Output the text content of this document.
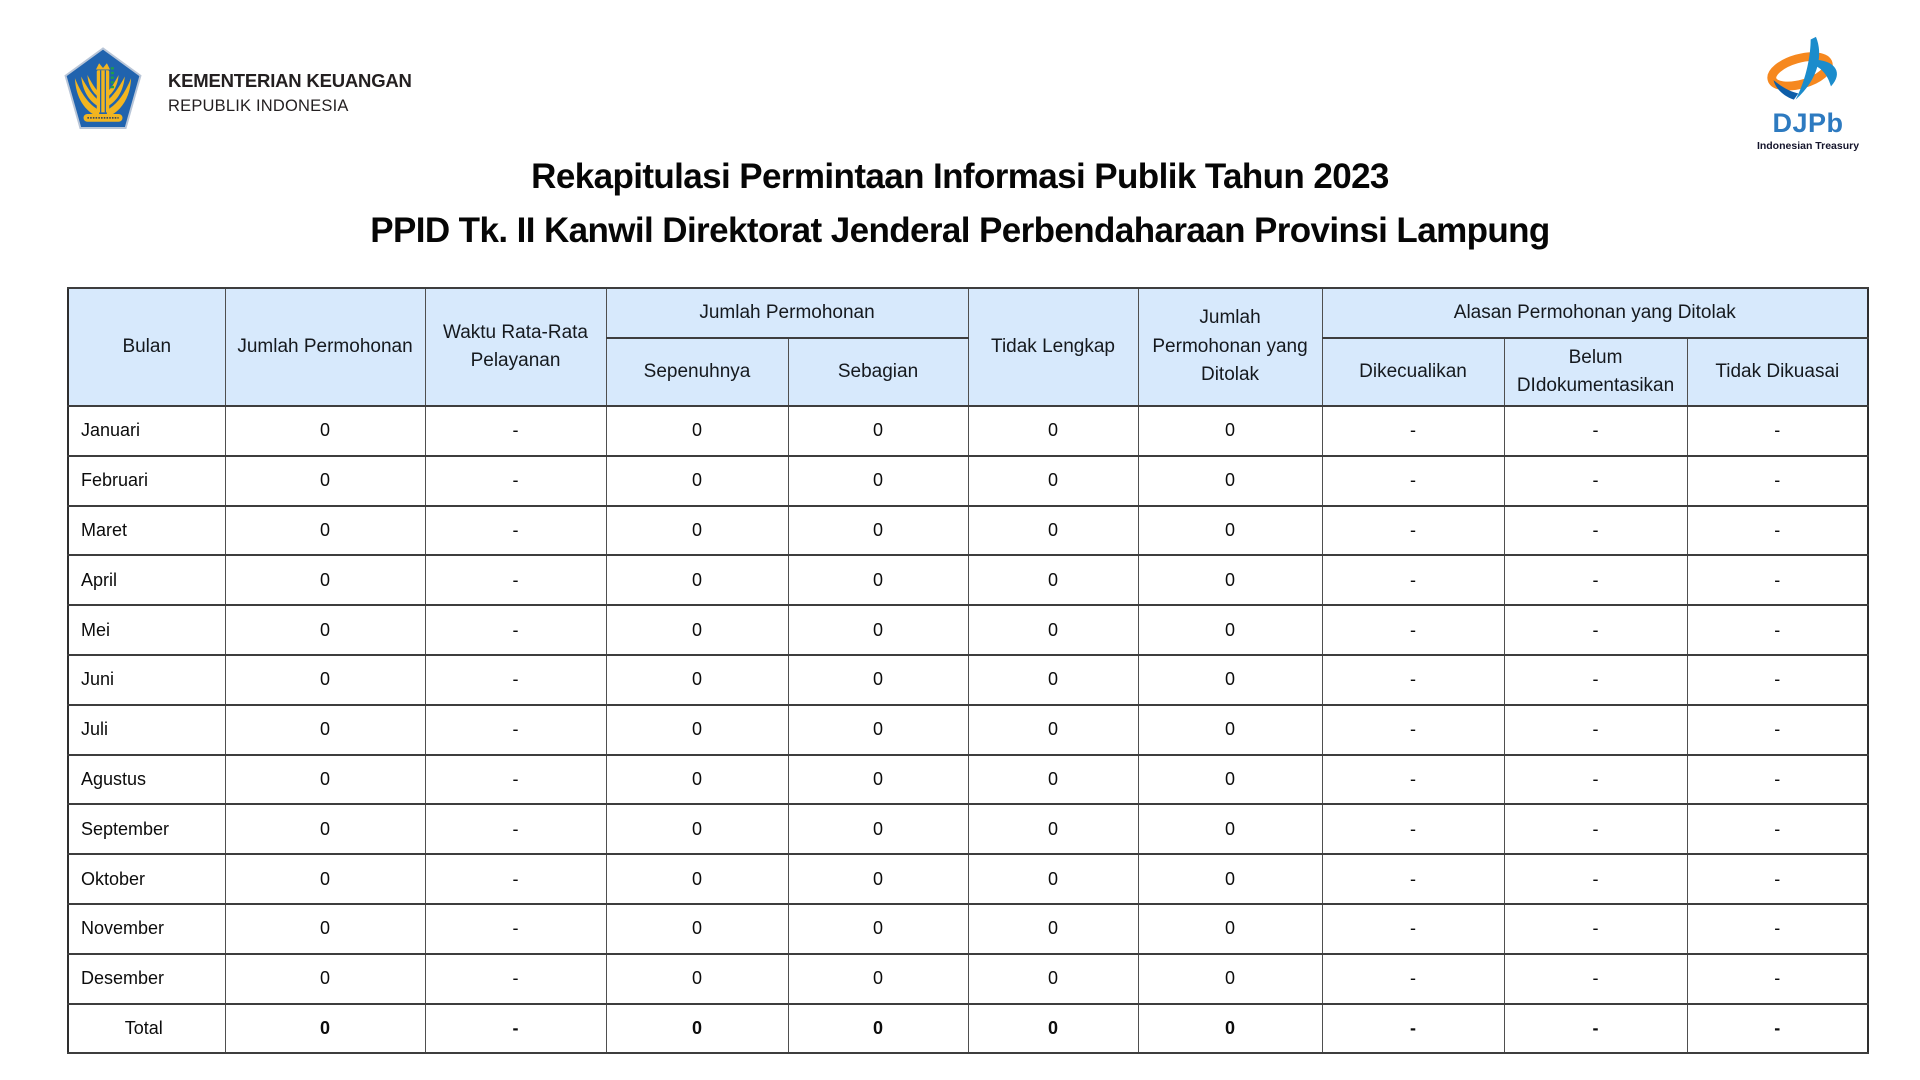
KEMENTERIAN KEUANGAN
REPUBLIK INDONESIA
DJPb
Indonesian Treasury
Rekapitulasi Permintaan Informasi Publik Tahun 2023
PPID Tk. II Kanwil Direktorat Jenderal Perbendaharaan Provinsi Lampung
Bulan	Jumlah Permohonan	Waktu Rata-Rata Pelayanan	Jumlah Permohonan		Tidak Lengkap	Jumlah Permohonan yang Ditolak	Alasan Permohonan yang Ditolak		
			Sepenuhnya	Sebagian			Dikecualikan	Belum DIdokumentasikan	Tidak Dikuasai
Januari	0	-	0	0	0	0	-	-	-
Februari	0	-	0	0	0	0	-	-	-
Maret	0	-	0	0	0	0	-	-	-
April	0	-	0	0	0	0	-	-	-
Mei	0	-	0	0	0	0	-	-	-
Juni	0	-	0	0	0	0	-	-	-
Juli	0	-	0	0	0	0	-	-	-
Agustus	0	-	0	0	0	0	-	-	-
September	0	-	0	0	0	0	-	-	-
Oktober	0	-	0	0	0	0	-	-	-
November	0	-	0	0	0	0	-	-	-
Desember	0	-	0	0	0	0	-	-	-
Total	0	-	0	0	0	0	-	-	-
